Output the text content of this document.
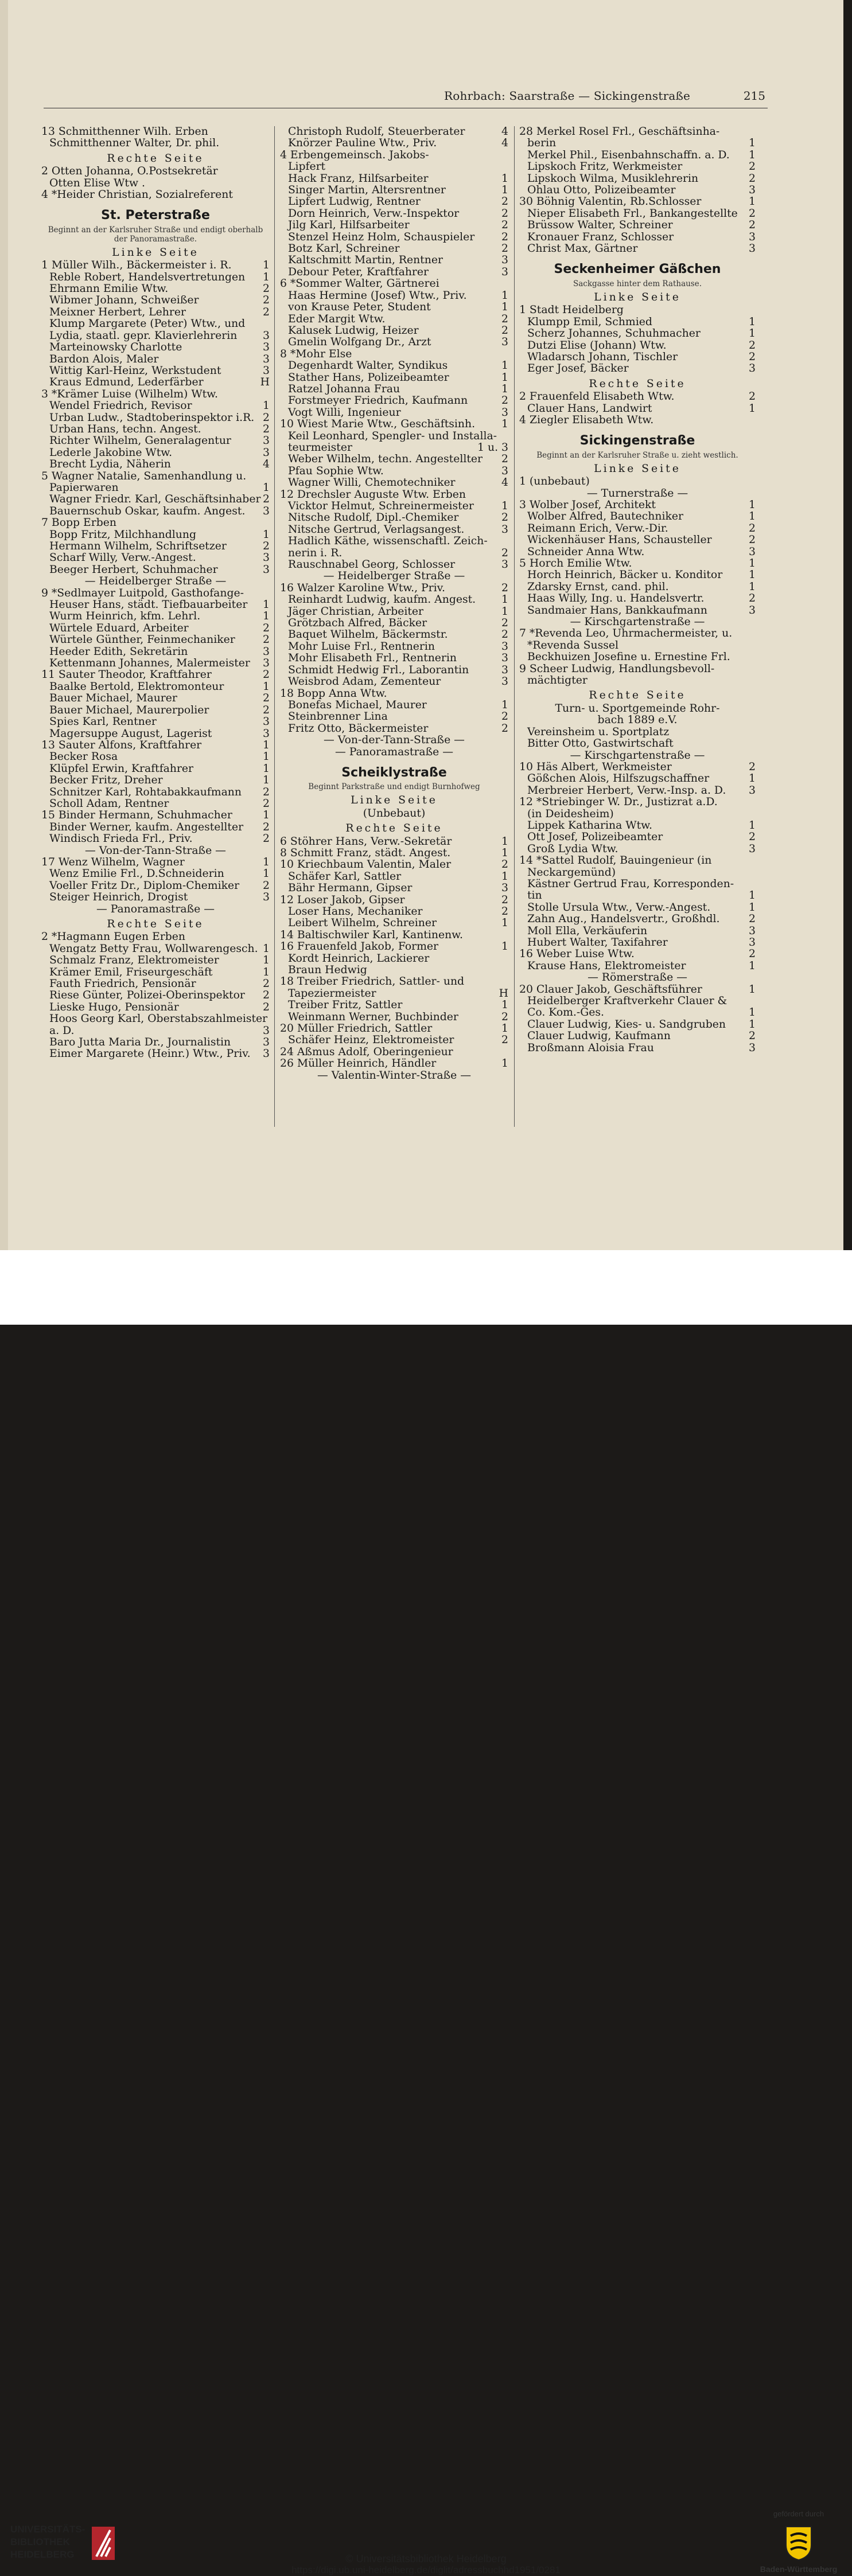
Rohrbach: Saarstraße — Sickingenstraße	215
13 Schmitthenner Wilh. Erben
Schmitthenner Walter, Dr. phil.
Rechte Seite
2 Otten Johanna, O.Postsekretär
Otten Elise Wtw .
4 *Heider Christian, Sozialreferent
St. Peterstraße
Beginnt an der Karlsruher Straße und endigt oberhalb der Panoramastraße.
Linke Seite
1 Müller Wilh., Bäckermeister i. R.	1
Reble Robert, Handelsvertretungen 1
Ehrmann Emilie Wtw.	2
Wibmer Johann, Schweißer	2
Meixner Herbert, Lehrer	2
Klump Margarete (Peter) Wtw., und
Lydia, staatl. gepr. Klavierlehrerin 3
Marteinowsky Charlotte	3
Bardon Alois, Maler	3
Wittig Karl-Heinz, Werkstudent	3
Kraus Edmund, Lederfärber	H
3 *Krämer Luise (Wilhelm) Wtw.
Wendel Friedrich, Revisor	1
Urban Ludw., Stadtoberinspektor i.R. 2
Urban Hans, techn. Angest.	2
Richter Wilhelm, Generalagentur	3
Lederle Jakobine Wtw.	3
Brecht Lydia, Näherin	4
5 Wagner Natalie, Samenhandlung u.
Papierwaren	1
Wagner Friedr. Karl, Geschäftsinhaber 2
Bauernschub Oskar, kaufm. Angest. 3
7 Bopp Erben
Bopp Fritz, Milchhandlung	1
Hermann Wilhelm, Schriftsetzer	2
Scharf Willy, Verw.-Angest.	3
Beeger Herbert, Schuhmacher	3
— Heidelberger Straße —
9 *Sedlmayer Luitpold, Gasthofange-
Heuser Hans, städt. Tiefbauarbeiter 1
Wurm Heinrich, kfm. Lehrl.	1
Würtele Eduard, Arbeiter	2
Würtele Günther, Feinmechaniker	2
Heeder Edith, Sekretärin	3
Kettenmann Johannes, Malermeister 3
11 Sauter Theodor, Kraftfahrer	2
Baalke Bertold, Elektromonteur	1
Bauer Michael, Maurer	2
Bauer Michael, Maurerpolier	2
Spies Karl, Rentner	3
Magersuppe August, Lagerist	3
13 Sauter Alfons, Kraftfahrer	1
Becker Rosa	1
Klüpfel Erwin, Kraftfahrer	1
Becker Fritz, Dreher	1
Schnitzer Karl, Rohtabakkaufmann 2
Scholl Adam, Rentner	2
15 Binder Hermann, Schuhmacher	1
Binder Werner, kaufm. Angestellter 2
Windisch Frieda Frl., Priv.	2
— Von-der-Tann-Straße —
17 Wenz Wilhelm, Wagner	1
Wenz Emilie Frl., D.Schneiderin	1
Voeller Fritz Dr., Diplom-Chemiker 2
Steiger Heinrich, Drogist	3
— Panoramastraße —
Rechte Seite
2 *Hagmann Eugen Erben
Wengatz Betty Frau, Wollwarengesch. 1
Schmalz Franz, Elektromeister	1
Krämer Emil, Friseurgeschäft	1
Fauth Friedrich, Pensionär	2
Riese Günter, Polizei-Oberinspektor 2
Lieske Hugo, Pensionär	2
Hoos Georg Karl, Oberstabszahlmeister
a. D.	3
Baro Jutta Maria Dr., Journalistin	3
Eimer Margarete (Heinr.) Wtw., Priv. 3
Christoph Rudolf, Steuerberater	4
Knörzer Pauline Wtw., Priv.	4
4 Erbengemeinsch. Jakobs-
Lipfert
Hack Franz, Hilfsarbeiter	1
Singer Martin, Altersrentner	1
Lipfert Ludwig, Rentner	2
Dorn Heinrich, Verw.-Inspektor	2
Jilg Karl, Hilfsarbeiter	2
Stenzel Heinz Holm, Schauspieler 2
Botz Karl, Schreiner	2
Kaltschmitt Martin, Rentner	3
Debour Peter, Kraftfahrer	3
6 *Sommer Walter, Gärtnerei
Haas Hermine (Josef) Wtw., Priv.	1
von Krause Peter, Student	1
Eder Margit Wtw.	2
Kalusek Ludwig, Heizer	2
Gmelin Wolfgang Dr., Arzt	3
8 *Mohr Else
Degenhardt Walter, Syndikus	1
Stather Hans, Polizeibeamter	1
Ratzel Johanna Frau	1
Forstmeyer Friedrich, Kaufmann	2
Vogt Willi, Ingenieur	3
10 Wiest Marie Wtw., Geschäftsinh. 1
Keil Leonhard, Spengler- und Installa-
teurmeister	1 u. 3
Weber Wilhelm, techn. Angestellter 2
Pfau Sophie Wtw.	3
Wagner Willi, Chemotechniker	4
12 Drechsler Auguste Wtw. Erben
Vicktor Helmut, Schreinermeister	1
Nitsche Rudolf, Dipl.-Chemiker	2
Nitsche Gertrud, Verlagsangest.	3
Hadlich Käthe, wissenschaftl. Zeich-
nerin i. R.	2
Rauschnabel Georg, Schlosser	3
— Heidelberger Straße —
16 Walzer Karoline Wtw., Priv.	2
Reinhardt Ludwig, kaufm. Angest. 1
Jäger Christian, Arbeiter	1
Grötzbach Alfred, Bäcker	2
Baquet Wilhelm, Bäckermstr.	2
Mohr Luise Frl., Rentnerin	3
Mohr Elisabeth Frl., Rentnerin	3
Schmidt Hedwig Frl., Laborantin	3
Weisbrod Adam, Zementeur	3
18 Bopp Anna Wtw.
Bonefas Michael, Maurer	1
Steinbrenner Lina	2
Fritz Otto, Bäckermeister	2
— Von-der-Tann-Straße —
— Panoramastraße —
Scheiklystraße
Beginnt Parkstraße und endigt Burnhofweg
Linke Seite
(Unbebaut)
Rechte Seite
6 Stöhrer Hans, Verw.-Sekretär	1
8 Schmitt Franz, städt. Angest.	1
10 Kriechbaum Valentin, Maler	2
Schäfer Karl, Sattler	1
Bähr Hermann, Gipser	3
12 Loser Jakob, Gipser	2
Loser Hans, Mechaniker	2
Leibert Wilhelm, Schreiner	1
14 Baltischwiler Karl, Kantinenw.
16 Frauenfeld Jakob, Former	1
Kordt Heinrich, Lackierer
Braun Hedwig
18 Treiber Friedrich, Sattler- und
Tapeziermeister	H
Treiber Fritz, Sattler	1
Weinmann Werner, Buchbinder	2
20 Müller Friedrich, Sattler	1
Schäfer Heinz, Elektromeister	2
24 Aßmus Adolf, Oberingenieur
26 Müller Heinrich, Händler	1
— Valentin-Winter-Straße —
28 Merkel Rosel Frl., Geschäftsinha-
berin	1
Merkel Phil., Eisenbahnschaffn. a. D. 1
Lipskoch Fritz, Werkmeister	2
Lipskoch Wilma, Musiklehrerin	2
Ohlau Otto, Polizeibeamter	3
30 Böhnig Valentin, Rb.Schlosser	1
Nieper Elisabeth Frl., Bankangestellte 2
Brüssow Walter, Schreiner	2
Kronauer Franz, Schlosser	3
Christ Max, Gärtner	3
Seckenheimer Gäßchen
Sackgasse hinter dem Rathause.
Linke Seite
1 Stadt Heidelberg
Klumpp Emil, Schmied	1
Scherz Johannes, Schuhmacher	1
Dutzi Elise (Johann) Wtw.	2
Wladarsch Johann, Tischler	2
Eger Josef, Bäcker	3
Rechte Seite
2 Frauenfeld Elisabeth Wtw.	2
Clauer Hans, Landwirt	1
4 Ziegler Elisabeth Wtw.
Sickingenstraße
Beginnt an der Karlsruher Straße u. zieht westlich.
Linke Seite
1 (unbebaut)
— Turnerstraße —
3 Wolber Josef, Architekt	1
Wolber Alfred, Bautechniker	1
Reimann Erich, Verw.-Dir.	2
Wickenhäuser Hans, Schausteller	2
Schneider Anna Wtw.	3
5 Horch Emilie Wtw.	1
Horch Heinrich, Bäcker u. Konditor 1
Zdarsky Ernst, cand. phil.	1
Haas Willy, Ing. u. Handelsvertr.	2
Sandmaier Hans, Bankkaufmann	3
— Kirschgartenstraße —
7 *Revenda Leo, Uhrmachermeister, u.
*Revenda Sussel
Beckhuizen Josefine u. Ernestine Frl.
9 Scheer Ludwig, Handlungsbevoll-
mächtigter
Rechte Seite
Turn- u. Sportgemeinde Rohr-
bach 1889 e.V.
Vereinsheim u. Sportplatz
Bitter Otto, Gastwirtschaft
— Kirschgartenstraße —
10 Häs Albert, Werkmeister	2
Gößchen Alois, Hilfszugschaffner	1
Merbreier Herbert, Verw.-Insp. a. D. 3
12 *Striebinger W. Dr., Justizrat a.D.
(in Deidesheim)
Lippek Katharina Wtw.	1
Ott Josef, Polizeibeamter	2
Groß Lydia Wtw.	3
14 *Sattel Rudolf, Bauingenieur (in
Neckargemünd)
Kästner Gertrud Frau, Korresponden-
tin	1
Stolle Ursula Wtw., Verw.-Angest.	1
Zahn Aug., Handelsvertr., Großhdl.	2
Moll Ella, Verkäuferin	3
Hubert Walter, Taxifahrer	3
16 Weber Luise Wtw.	2
Krause Hans, Elektromeister	1
— Römerstraße —
20 Clauer Jakob, Geschäftsführer	1
Heidelberger Kraftverkehr Clauer &
Co. Kom.-Ges.	1
Clauer Ludwig, Kies- u. Sandgruben 1
Clauer Ludwig, Kaufmann	2
Broßmann Aloisia Frau	3
UNIVERSITÄTS-
BIBLIOTHEK
HEIDELBERG	© Universitätsbibliothek Heidelberg
https://digi.ub.uni-heidelberg.de/diglit/adressbuchhd1951/0281
gefördert durch
Baden-Württemberg
